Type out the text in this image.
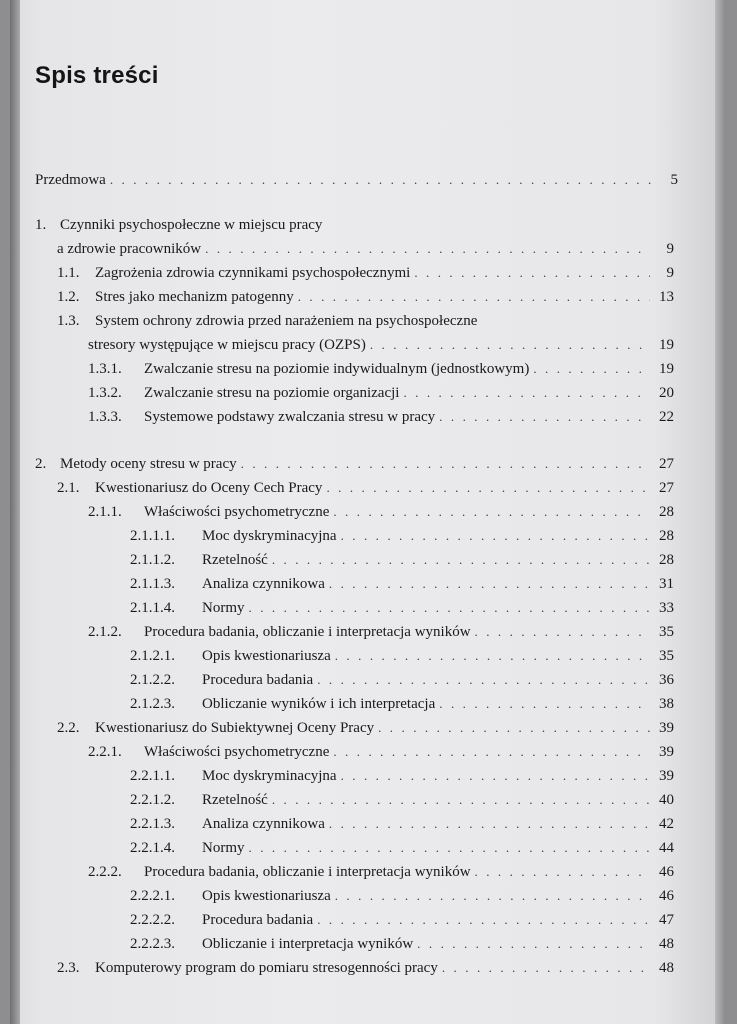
Spis treści
Przedmowa . . .	5
1. Czynniki psychospołeczne w miejscu pracy
a zdrowie pracowników . . .	9
1.1.	Zagrożenia zdrowia czynnikami psychospołecznymi . . .	9
1.2.	Stres jako mechanizm patogenny . . .	13
1.3. System ochrony zdrowia przed narażeniem na psychospołeczne
stresory występujące w miejscu pracy (OZPS) . . .	19
1.3.1.	Zwalczanie stresu na poziomie indywidualnym (jednostkowym) . . .	19
1.3.2.	Zwalczanie stresu na poziomie organizacji . . .	20
1.3.3.	Systemowe podstawy zwalczania stresu w pracy . . .	22
2. Metody oceny stresu w pracy . . .	27
2.1.	Kwestionariusz do Oceny Cech Pracy . . .	27
2.1.1.	Właściwości psychometryczne . . .	28
2.1.1.1.	Moc dyskryminacyjna . . .	28
2.1.1.2.	Rzetelność . . .	28
2.1.1.3.	Analiza czynnikowa . . .	31
2.1.1.4.	Normy . . .	33
2.1.2.	Procedura badania, obliczanie i interpretacja wyników . . .	35
2.1.2.1.	Opis kwestionariusza . . .	35
2.1.2.2.	Procedura badania . . .	36
2.1.2.3.	Obliczanie wyników i ich interpretacja . . .	38
2.2.	Kwestionariusz do Subiektywnej Oceny Pracy . . .	39
2.2.1.	Właściwości psychometryczne . . .	39
2.2.1.1.	Moc dyskryminacyjna . . .	39
2.2.1.2.	Rzetelność . . .	40
2.2.1.3.	Analiza czynnikowa . . .	42
2.2.1.4.	Normy . . .	44
2.2.2.	Procedura badania, obliczanie i interpretacja wyników . . .	46
2.2.2.1.	Opis kwestionariusza . . .	46
2.2.2.2.	Procedura badania . . .	47
2.2.2.3.	Obliczanie i interpretacja wyników . . .	48
2.3.	Komputerowy program do pomiaru stresogenności pracy . . .	48
